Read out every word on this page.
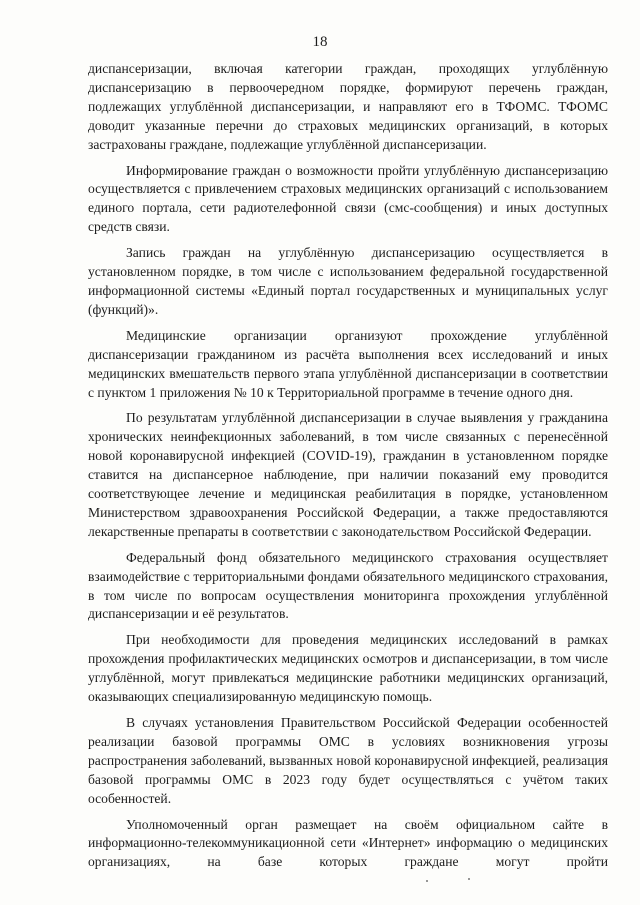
18

диспансеризации, включая категории граждан, проходящих углублённую диспансеризацию в первоочередном порядке, формируют перечень граждан, подлежащих углублённой диспансеризации, и направляют его в ТФОМС. ТФОМС доводит указанные перечни до страховых медицинских организаций, в которых застрахованы граждане, подлежащие углублённой диспансеризации.

Информирование граждан о возможности пройти углублённую диспансеризацию осуществляется с привлечением страховых медицинских организаций с использованием единого портала, сети радиотелефонной связи (смс-сообщения) и иных доступных средств связи.

Запись граждан на углублённую диспансеризацию осуществляется в установленном порядке, в том числе с использованием федеральной государственной информационной системы «Единый портал государственных и муниципальных услуг (функций)».

Медицинские организации организуют прохождение углублённой диспансеризации гражданином из расчёта выполнения всех исследований и иных медицинских вмешательств первого этапа углублённой диспансеризации в соответствии с пунктом 1 приложения № 10 к Территориальной программе в течение одного дня.

По результатам углублённой диспансеризации в случае выявления у гражданина хронических неинфекционных заболеваний, в том числе связанных с перенесённой новой коронавирусной инфекцией (COVID-19), гражданин в установленном порядке ставится на диспансерное наблюдение, при наличии показаний ему проводится соответствующее лечение и медицинская реабилитация в порядке, установленном Министерством здравоохранения Российской Федерации, а также предоставляются лекарственные препараты в соответствии с законодательством Российской Федерации.

Федеральный фонд обязательного медицинского страхования осуществляет взаимодействие с территориальными фондами обязательного медицинского страхования, в том числе по вопросам осуществления мониторинга прохождения углублённой диспансеризации и её результатов.

При необходимости для проведения медицинских исследований в рамках прохождения профилактических медицинских осмотров и диспансеризации, в том числе углублённой, могут привлекаться медицинские работники медицинских организаций, оказывающих специализированную медицинскую помощь.

В случаях установления Правительством Российской Федерации особенностей реализации базовой программы ОМС в условиях возникновения угрозы распространения заболеваний, вызванных новой коронавирусной инфекцией, реализация базовой программы ОМС в 2023 году будет осуществляться с учётом таких особенностей.

Уполномоченный орган размещает на своём официальном сайте в информационно-телекоммуникационной сети «Интернет» информацию о медицинских организациях, на базе которых граждане могут пройти
